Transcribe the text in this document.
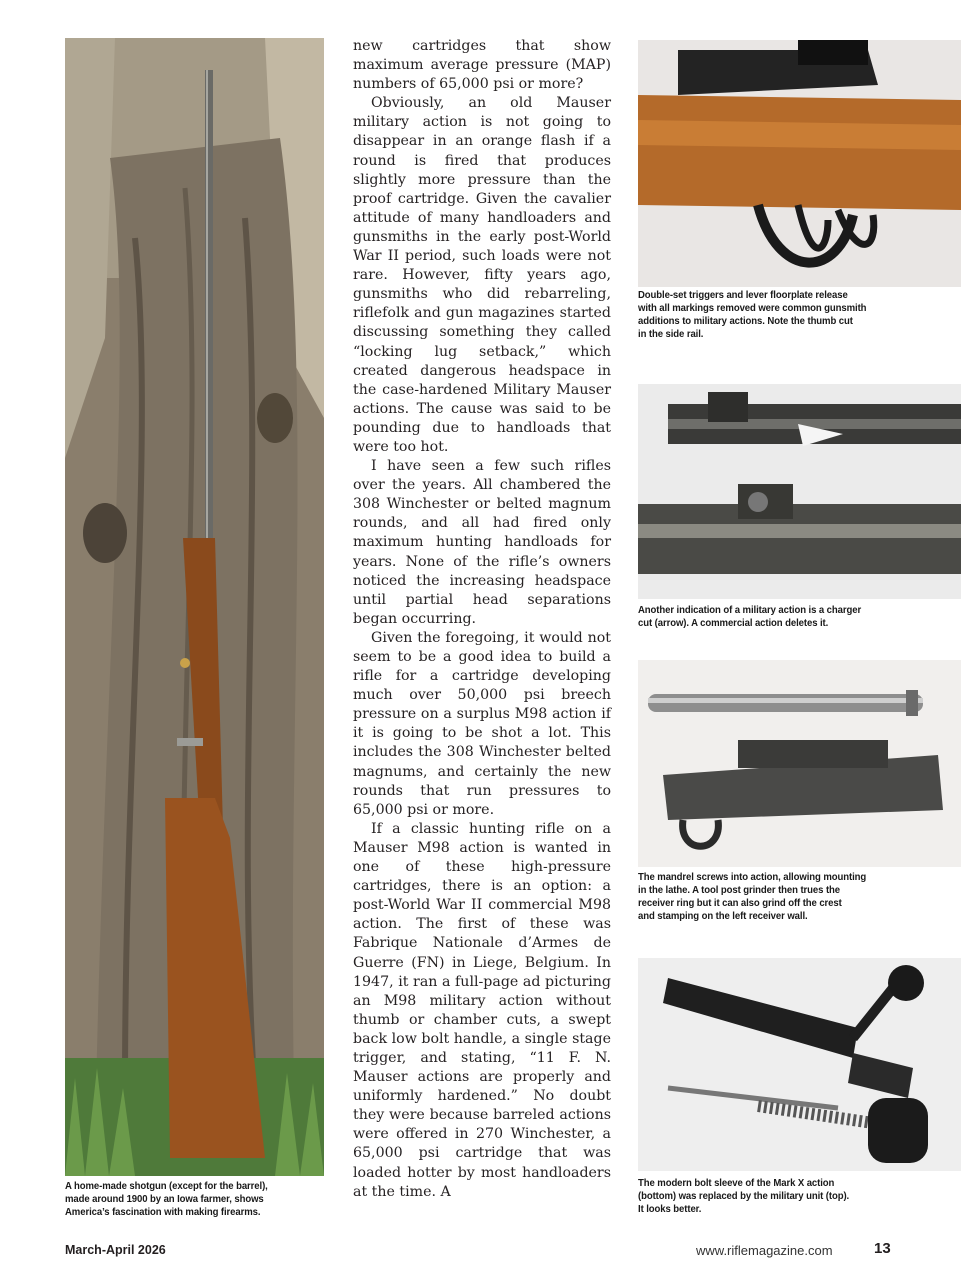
A home-made shotgun (except for the barrel),
made around 1900 by an Iowa farmer, shows
America’s fascination with making firearms.

new cartridges that show maximum average pressure (MAP) numbers of 65,000 psi or more?

Obviously, an old Mauser military action is not going to disappear in an orange flash if a round is fired that produces slightly more pressure than the proof cartridge. Given the cavalier attitude of many handloaders and gunsmiths in the early post-World War II period, such loads were not rare. However, fifty years ago, gunsmiths who did rebarreling, riflefolk and gun magazines started discussing something they called “locking lug setback,” which created dangerous headspace in the case-hardened Military Mauser actions. The cause was said to be pounding due to handloads that were too hot.

I have seen a few such rifles over the years. All chambered the 308 Winchester or belted magnum rounds, and all had fired only maximum hunting handloads for years. None of the rifle’s owners noticed the increasing headspace until partial head separations began occurring.

Given the foregoing, it would not seem to be a good idea to build a rifle for a cartridge developing much over 50,000 psi breech pressure on a surplus M98 action if it is going to be shot a lot. This includes the 308 Winchester belted magnums, and certainly the new rounds that run pressures to 65,000 psi or more.

If a classic hunting rifle on a Mauser M98 action is wanted in one of these high-pressure cartridges, there is an option: a post-World War II commercial M98 action. The first of these was Fabrique Nationale d’Armes de Guerre (FN) in Liege, Belgium. In 1947, it ran a full-page ad picturing an M98 military action without thumb or chamber cuts, a swept back low bolt handle, a single stage trigger, and stating, “11 F. N. Mauser actions are properly and uniformly hardened.” No doubt they were because barreled actions were offered in 270 Winchester, a 65,000 psi cartridge that was loaded hotter by most handloaders at the time. A

Double-set triggers and lever floorplate release
with all markings removed were common gunsmith
additions to military actions. Note the thumb cut
in the side rail.
Another indication of a military action is a charger
cut (arrow). A commercial action deletes it.
The mandrel screws into action, allowing mounting
in the lathe. A tool post grinder then trues the
receiver ring but it can also grind off the crest
and stamping on the left receiver wall.
The modern bolt sleeve of the Mark X action
(bottom) was replaced by the military unit (top).
It looks better.
March-April 2026	www.riflemagazine.com	13
